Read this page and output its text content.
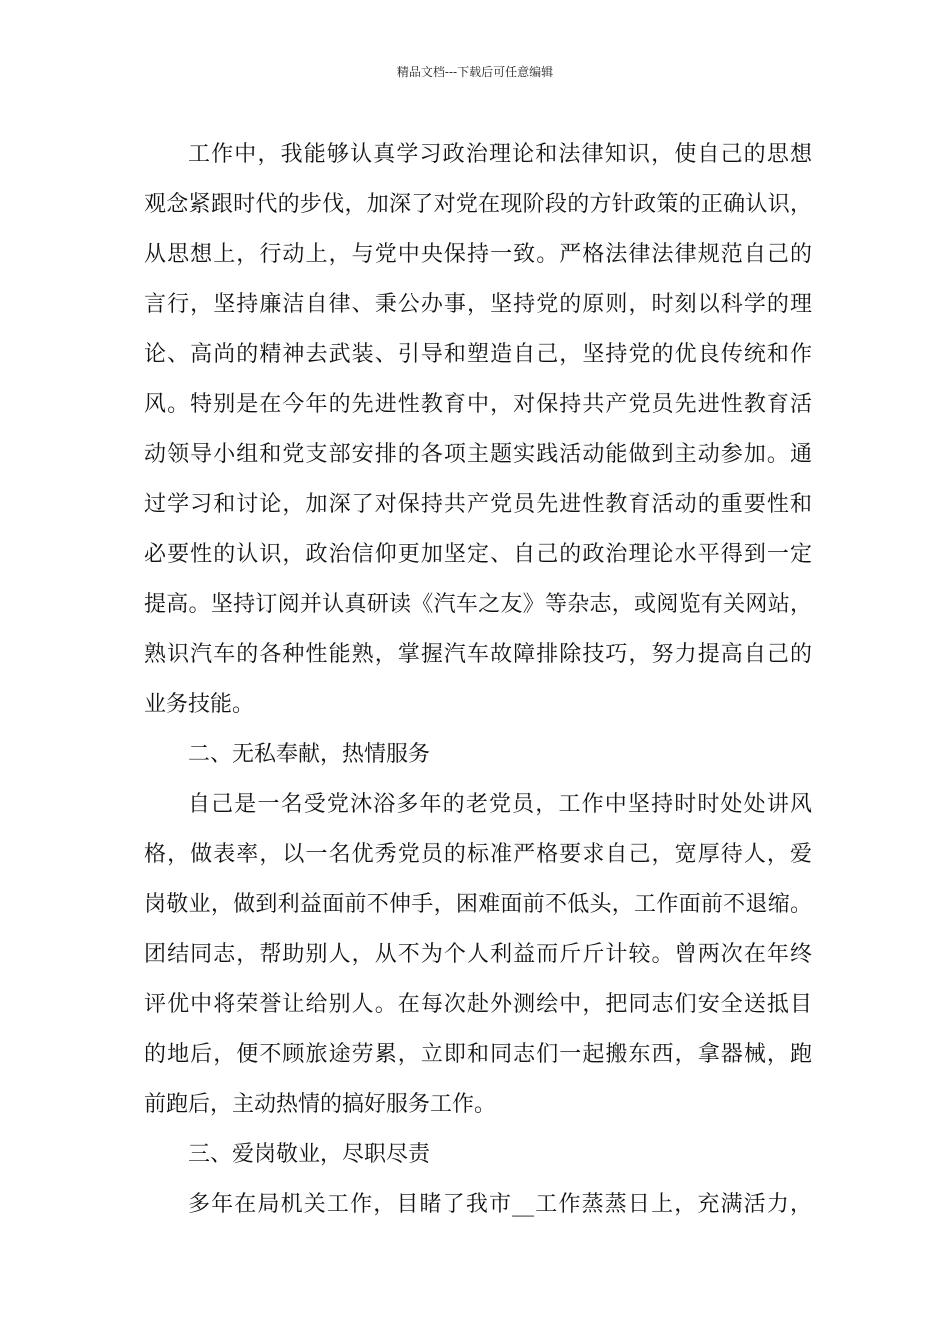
精品文档---下载后可任意编辑
工作中，我能够认真学习政治理论和法律知识，使自己的思想
观念紧跟时代的步伐，加深了对党在现阶段的方针政策的正确认识，
从思想上，行动上，与党中央保持一致。严格法律法律规范自己的
言行，坚持廉洁自律、秉公办事，坚持党的原则，时刻以科学的理
论、高尚的精神去武装、引导和塑造自己，坚持党的优良传统和作
风。特别是在今年的先进性教育中，对保持共产党员先进性教育活
动领导小组和党支部安排的各项主题实践活动能做到主动参加。通
过学习和讨论，加深了对保持共产党员先进性教育活动的重要性和
必要性的认识，政治信仰更加坚定、自己的政治理论水平得到一定
提高。坚持订阅并认真研读《汽车之友》等杂志，或阅览有关网站，
熟识汽车的各种性能熟，掌握汽车故障排除技巧，努力提高自己的
业务技能。
二、无私奉献，热情服务
自己是一名受党沐浴多年的老党员，工作中坚持时时处处讲风
格，做表率，以一名优秀党员的标准严格要求自己，宽厚待人，爱
岗敬业，做到利益面前不伸手，困难面前不低头，工作面前不退缩。
团结同志，帮助别人，从不为个人利益而斤斤计较。曾两次在年终
评优中将荣誉让给别人。在每次赴外测绘中，把同志们安全送抵目
的地后，便不顾旅途劳累，立即和同志们一起搬东西，拿器械，跑
前跑后，主动热情的搞好服务工作。
三、爱岗敬业，尽职尽责
多年在局机关工作，目睹了我市__工作蒸蒸日上，充满活力，
